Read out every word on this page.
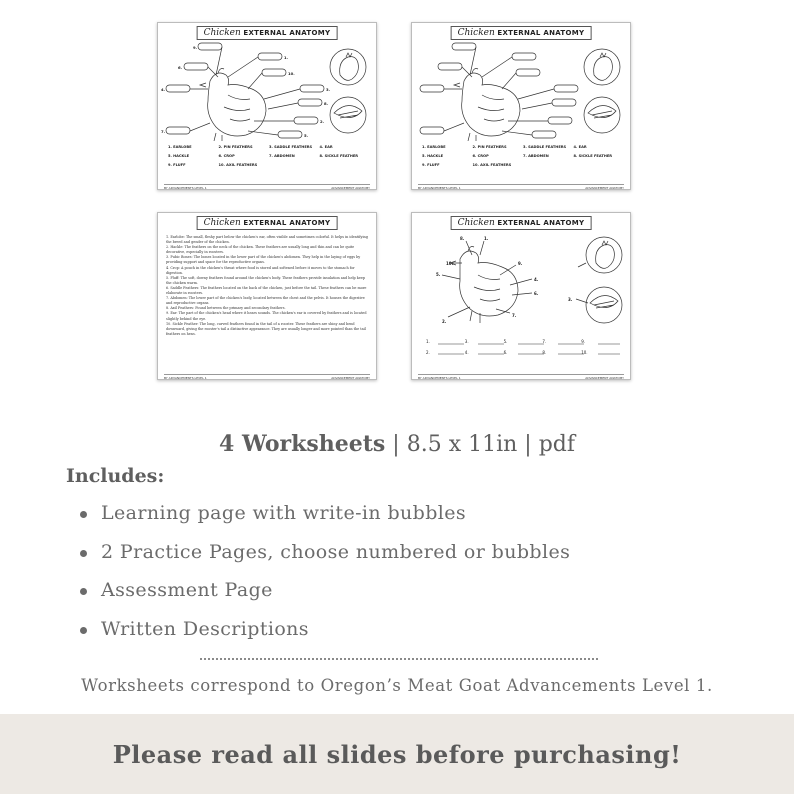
Chicken EXTERNAL ANATOMY
9.
6.
4.
7.
1.
10.
3.
8.
2.
5.
1. EARLOBE	2. PIN FEATHERS	3. SADDLE FEATHERS	4. EAR
5. HACKLE	6. CROP	7. ABDOMEN	8. SICKLE FEATHER
9. FLUFF	10. AXIL FEATHERS
BY ADVANCEMENTS LEVEL 1	ADVANCEMENT ANATOMY
Chicken EXTERNAL ANATOMY
1. EARLOBE	2. PIN FEATHERS	3. SADDLE FEATHERS	4. EAR
5. HACKLE	6. CROP	7. ABDOMEN	8. SICKLE FEATHER
9. FLUFF	10. AXIL FEATHERS
BY ADVANCEMENTS LEVEL 1	ADVANCEMENT ANATOMY
Chicken EXTERNAL ANATOMY

1. Earlobe: The small, fleshy part below the chicken's ear, often visible and sometimes colorful. It helps in identifying the breed and gender of the chicken.

2. Hackle: The feathers on the neck of the chicken. These feathers are usually long and thin and can be quite decorative, especially in roosters.

3. Pubic Bones: The bones located in the lower part of the chicken's abdomen. They help in the laying of eggs by providing support and space for the reproductive organs.

4. Crop: A pouch in the chicken's throat where food is stored and softened before it moves to the stomach for digestion.

5. Fluff: The soft, downy feathers found around the chicken's body. These feathers provide insulation and help keep the chicken warm.

6. Saddle Feathers: The feathers located on the back of the chicken, just before the tail. These feathers can be more elaborate in roosters.

7. Abdomen: The lower part of the chicken's body, located between the chest and the pelvis. It houses the digestive and reproductive organs.

8. Axil Feathers: Found between the primary and secondary feathers.

9. Ear: The part of the chicken's head where it hears sounds. The chicken's ear is covered by feathers and is located slightly behind the eye.

10. Sickle Feather: The long, curved feathers found in the tail of a rooster. These feathers are shiny and bend downward, giving the rooster's tail a distinctive appearance. They are usually longer and more pointed than the tail feathers on hens.

BY ADVANCEMENTS LEVEL 1	ADVANCEMENT ANATOMY
Chicken EXTERNAL ANATOMY
8.	1.
10.
5.
2.
9.
4.
6.
7.
3.
1.	3.	5.	7.	9.
2.	4.	6.	8.	10.
BY ADVANCEMENTS LEVEL 1	ADVANCEMENT ANATOMY
4 Worksheets | 8.5 x 11in | pdf
Includes:
Learning page with write-in bubbles
2 Practice Pages, choose numbered or bubbles
Assessment Page
Written Descriptions
Worksheets correspond to Oregon’s Meat Goat Advancements Level 1.
Please read all slides before purchasing!
